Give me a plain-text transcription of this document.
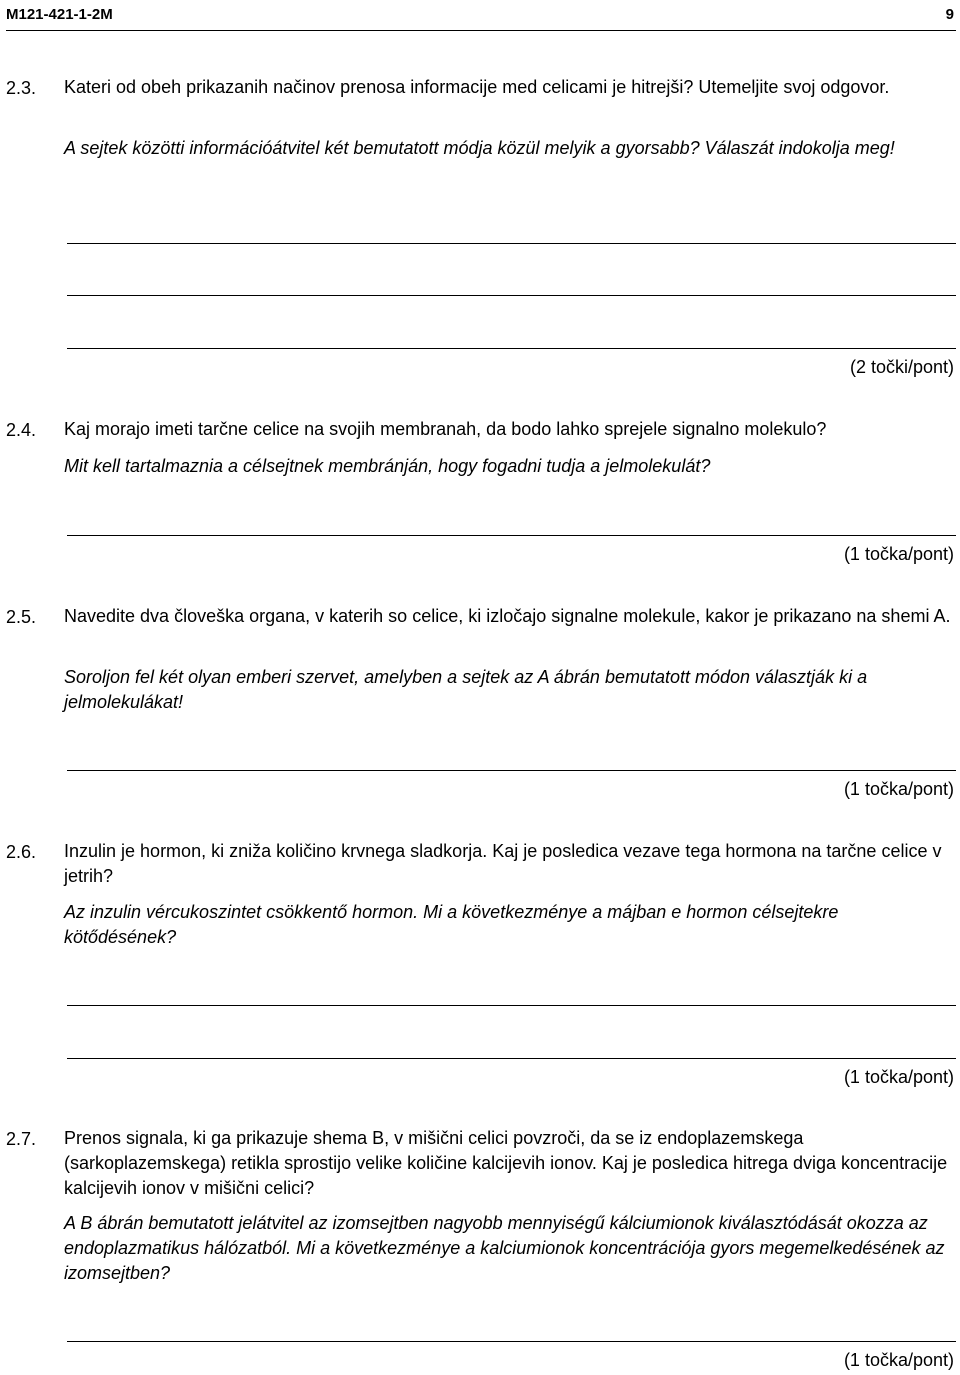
M121-421-1-2M	9
2.3. Kateri od obeh prikazanih načinov prenosa informacije med celicami je hitrejši? Utemeljite svoj odgovor.
A sejtek közötti információátvitel két bemutatott módja közül melyik a gyorsabb? Válaszát indokolja meg!
(2 točki/pont)
2.4. Kaj morajo imeti tarčne celice na svojih membranah, da bodo lahko sprejele signalno molekulo?
Mit kell tartalmaznia a célsejtnek membránján, hogy fogadni tudja a jelmolekulát?
(1 točka/pont)
2.5. Navedite dva človeška organa, v katerih so celice, ki izločajo signalne molekule, kakor je prikazano na shemi A.
Soroljon fel két olyan emberi szervet, amelyben a sejtek az A ábrán bemutatott módon választják ki a jelmolekulákat!
(1 točka/pont)
2.6. Inzulin je hormon, ki zniža količino krvnega sladkorja. Kaj je posledica vezave tega hormona na tarčne celice v jetrih?
Az inzulin vércukoszintet csökkentő hormon. Mi a következménye a májban e hormon célsejtekre kötődésének?
(1 točka/pont)
2.7. Prenos signala, ki ga prikazuje shema B, v mišični celici povzroči, da se iz endoplazemskega (sarkoplazemskega) retikla sprostijo velike količine kalcijevih ionov. Kaj je posledica hitrega dviga koncentracije kalcijevih ionov v mišični celici?
A B ábrán bemutatott jelátvitel az izomsejtben nagyobb mennyiségű kálciumionok kiválasztódását okozza az endoplazmatikus hálózatból. Mi a következménye a kalciumionok koncentrációja gyors megemelkedésének az izomsejtben?
(1 točka/pont)
